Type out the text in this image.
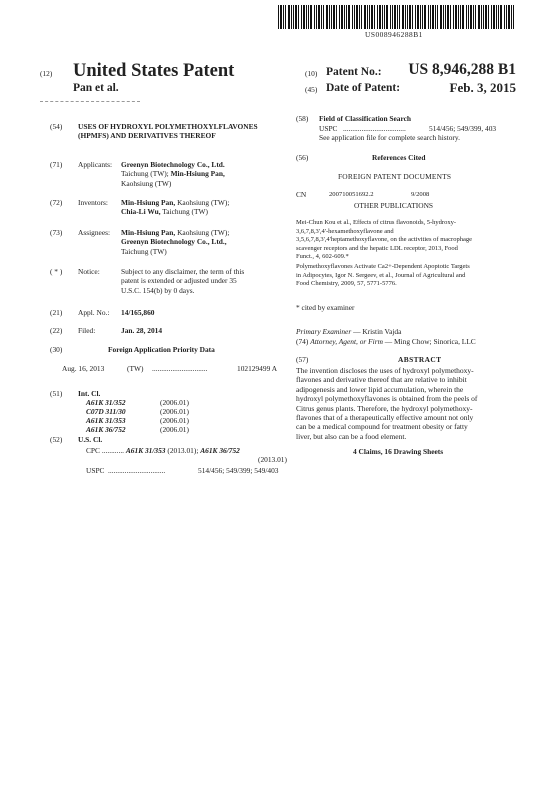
US008946288B1
(12) United States Patent
Pan et al.
(10) Patent No.: US 8,946,288 B1
(45) Date of Patent:	Feb. 3, 2015
(54) USES OF HYDROXYL POLYMETHOXYLFLAVONES (HPMFS) AND DERIVATIVES THEREOF
(71) Applicants: Greenyn Biotechnology Co., Ltd.
Taichung (TW); Min-Hsiung Pan,
Kaohsiung (TW)
(72) Inventors: Min-Hsiung Pan, Kaohsiung (TW);
Chia-Li Wu, Taichung (TW)
(73) Assignees: Min-Hsiung Pan, Kaohsiung (TW);
Greenyn Biotechnology Co., Ltd.,
Taichung (TW)
( * ) Notice:	Subject to any disclaimer, the term of this
patent is extended or adjusted under 35
U.S.C. 154(b) by 0 days.
(21) Appl. No.: 14/165,860
(22) Filed:	Jan. 28, 2014
(30)	Foreign Application Priority Data
Aug. 16, 2013	(TW) ..............................	102129499 A
(51) Int. Cl.
A61K 31/352	(2006.01)
C07D 311/30	(2006.01)
A61K 31/353	(2006.01)
A61K 36/752	(2006.01)
(52) U.S. Cl.
CPC ............ A61K 31/353 (2013.01); A61K 36/752
(2013.01)
USPC ...............................	514/456; 549/399; 549/403
(58) Field of Classification Search
USPC ..................................	514/456; 549/399, 403
See application file for complete search history.
(56)	References Cited
FOREIGN PATENT DOCUMENTS
CN	200710051692.2	9/2008
OTHER PUBLICATIONS
Mei-Chun Kou et al., Effects of citrus flavonoids, 5-hydroxy-
3,6,7,8,3',4'-hexamethoxyflavone and
3,5,6,7,8,3',4'heptamethoxyflavone, on the activities of macrophage
scavenger receptors and the hepatic LDL receptor, 2013, Food
Funct., 4, 602-609.*
Polymethoxyflavones Activate Ca2+-Dependent Apoptotic Targets
in Adipocytes, Igor N. Sergeev, et al., Journal of Agricultural and
Food Chemistry, 2009, 57, 5771-5776.
* cited by examiner
Primary Examiner — Kristin Vajda
(74) Attorney, Agent, or Firm — Ming Chow; Sinorica, LLC
(57)	ABSTRACT
The invention discloses the uses of hydroxyl polymethoxy-
flavones and derivative thereof that are relative to inhibit
adipogenesis and lower lipid accumulation, wherein the
hydroxyl polymethoxyflavones is obtained from the peels of
Citrus genus plants. Therefore, the hydroxyl polymethoxy-
flavones that of a therapeutically effective amount not only
can be a medical compound for treatment obesity or fatty
liver, but also can be a food element.
4 Claims, 16 Drawing Sheets
